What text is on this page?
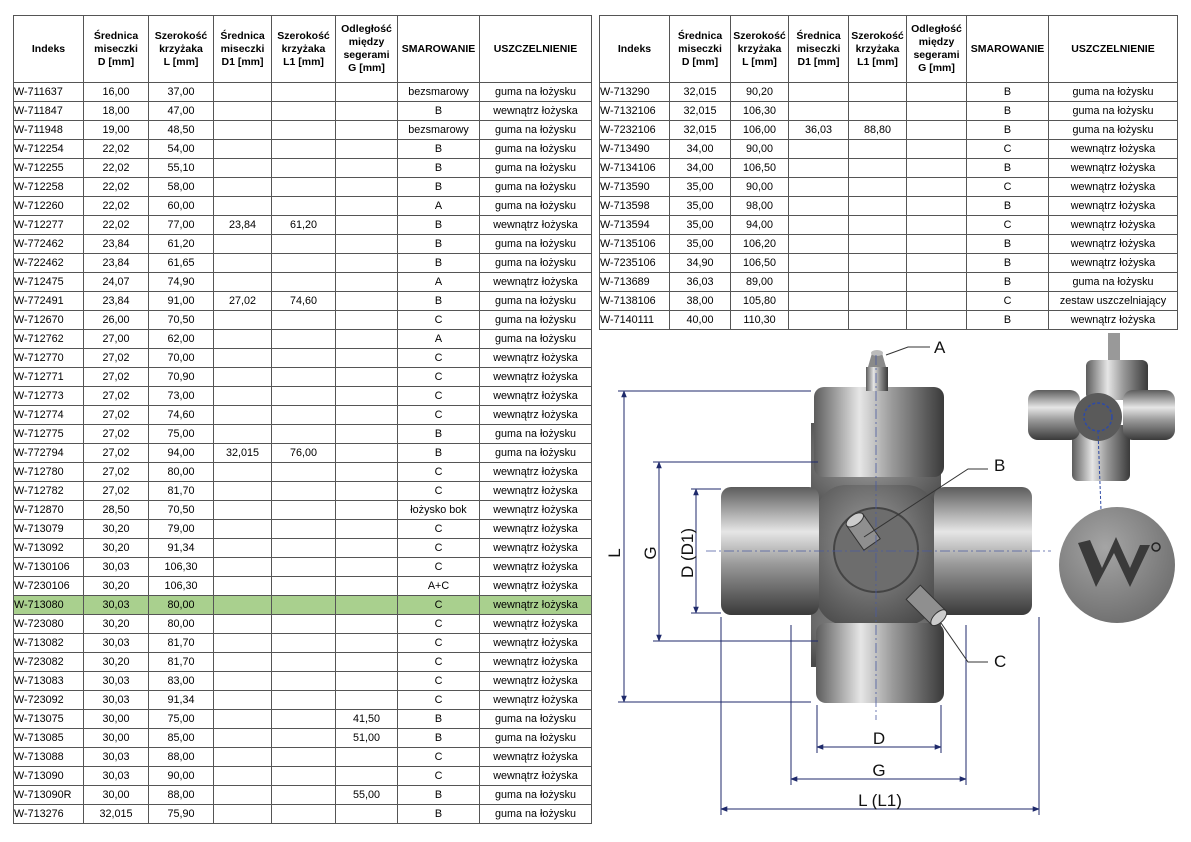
Indeks	Średnica
miseczki
D [mm]	Szerokość
krzyżaka
L [mm]	Średnica
miseczki
D1 [mm]	Szerokość
krzyżaka
L1 [mm]	Odległość
między
segerami
G [mm]	SMAROWANIE	USZCZELNIENIE
W-711637	16,00	37,00				bezsmarowy	guma na łożysku
W-711847	18,00	47,00				B	wewnątrz łożyska
W-711948	19,00	48,50				bezsmarowy	guma na łożysku
W-712254	22,02	54,00				B	guma na łożysku
W-712255	22,02	55,10				B	guma na łożysku
W-712258	22,02	58,00				B	guma na łożysku
W-712260	22,02	60,00				A	guma na łożysku
W-712277	22,02	77,00	23,84	61,20		B	wewnątrz łożyska
W-772462	23,84	61,20				B	guma na łożysku
W-722462	23,84	61,65				B	guma na łożysku
W-712475	24,07	74,90				A	wewnątrz łożyska
W-772491	23,84	91,00	27,02	74,60		B	guma na łożysku
W-712670	26,00	70,50				C	guma na łożysku
W-712762	27,00	62,00				A	guma na łożysku
W-712770	27,02	70,00				C	wewnątrz łożyska
W-712771	27,02	70,90				C	wewnątrz łożyska
W-712773	27,02	73,00				C	wewnątrz łożyska
W-712774	27,02	74,60				C	wewnątrz łożyska
W-712775	27,02	75,00				B	guma na łożysku
W-772794	27,02	94,00	32,015	76,00		B	guma na łożysku
W-712780	27,02	80,00				C	wewnątrz łożyska
W-712782	27,02	81,70				C	wewnątrz łożyska
W-712870	28,50	70,50				łożysko bok	wewnątrz łożyska
W-713079	30,20	79,00				C	wewnątrz łożyska
W-713092	30,20	91,34				C	wewnątrz łożyska
W-7130106	30,03	106,30				C	wewnątrz łożyska
W-7230106	30,20	106,30				A+C	wewnątrz łożyska
W-713080	30,03	80,00				C	wewnątrz łożyska
W-723080	30,20	80,00				C	wewnątrz łożyska
W-713082	30,03	81,70				C	wewnątrz łożyska
W-723082	30,20	81,70				C	wewnątrz łożyska
W-713083	30,03	83,00				C	wewnątrz łożyska
W-723092	30,03	91,34				C	wewnątrz łożyska
W-713075	30,00	75,00			41,50	B	guma na łożysku
W-713085	30,00	85,00			51,00	B	guma na łożysku
W-713088	30,03	88,00				C	wewnątrz łożyska
W-713090	30,03	90,00				C	wewnątrz łożyska
W-713090R	30,00	88,00			55,00	B	guma na łożysku
W-713276	32,015	75,90				B	guma na łożysku
Indeks	Średnica
miseczki
D [mm]	Szerokość
krzyżaka
L [mm]	Średnica
miseczki
D1 [mm]	Szerokość
krzyżaka
L1 [mm]	Odległość
między
segerami
G [mm]	SMAROWANIE	USZCZELNIENIE
W-713290	32,015	90,20				B	guma na łożysku
W-7132106	32,015	106,30				B	guma na łożysku
W-7232106	32,015	106,00	36,03	88,80		B	guma na łożysku
W-713490	34,00	90,00				C	wewnątrz łożyska
W-7134106	34,00	106,50				B	wewnątrz łożyska
W-713590	35,00	90,00				C	wewnątrz łożyska
W-713598	35,00	98,00				B	wewnątrz łożyska
W-713594	35,00	94,00				C	wewnątrz łożyska
W-7135106	35,00	106,20				B	wewnątrz łożyska
W-7235106	34,90	106,50				B	wewnątrz łożyska
W-713689	36,03	89,00				B	guma na łożysku
W-7138106	38,00	105,80				C	zestaw uszczelniający
W-7140111	40,00	110,30				B	wewnątrz łożyska
A
B
C
L G D (D1)
D
G
L (L1)
